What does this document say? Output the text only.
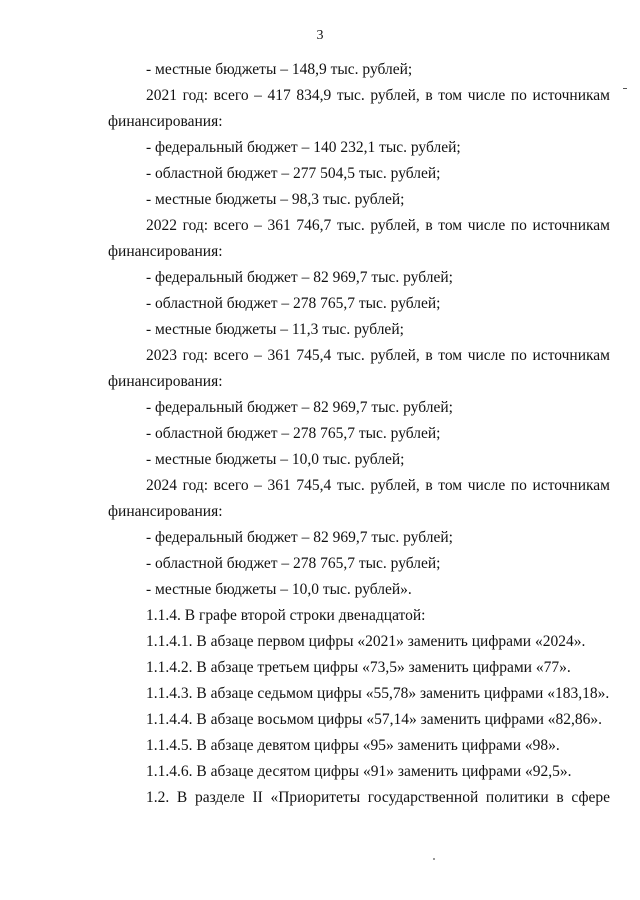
3
- местные бюджеты – 148,9 тыс. рублей;
2021 год: всего – 417 834,9 тыс. рублей, в том числе по источникам
финансирования:
- федеральный бюджет – 140 232,1 тыс. рублей;
- областной бюджет – 277 504,5 тыс. рублей;
- местные бюджеты – 98,3 тыс. рублей;
2022 год: всего – 361 746,7 тыс. рублей, в том числе по источникам
финансирования:
- федеральный бюджет – 82 969,7 тыс. рублей;
- областной бюджет – 278 765,7 тыс. рублей;
- местные бюджеты – 11,3 тыс. рублей;
2023 год: всего – 361 745,4 тыс. рублей, в том числе по источникам
финансирования:
- федеральный бюджет – 82 969,7 тыс. рублей;
- областной бюджет – 278 765,7 тыс. рублей;
- местные бюджеты – 10,0 тыс. рублей;
2024 год: всего – 361 745,4 тыс. рублей, в том числе по источникам
финансирования:
- федеральный бюджет – 82 969,7 тыс. рублей;
- областной бюджет – 278 765,7 тыс. рублей;
- местные бюджеты – 10,0 тыс. рублей».
1.1.4. В графе второй строки двенадцатой:
1.1.4.1. В абзаце первом цифры «2021» заменить цифрами «2024».
1.1.4.2. В абзаце третьем цифры «73,5» заменить цифрами «77».
1.1.4.3. В абзаце седьмом цифры «55,78» заменить цифрами «183,18».
1.1.4.4. В абзаце восьмом цифры «57,14» заменить цифрами «82,86».
1.1.4.5. В абзаце девятом цифры «95» заменить цифрами «98».
1.1.4.6. В абзаце десятом цифры «91» заменить цифрами «92,5».
1.2. В разделе II «Приоритеты государственной политики в сфере
